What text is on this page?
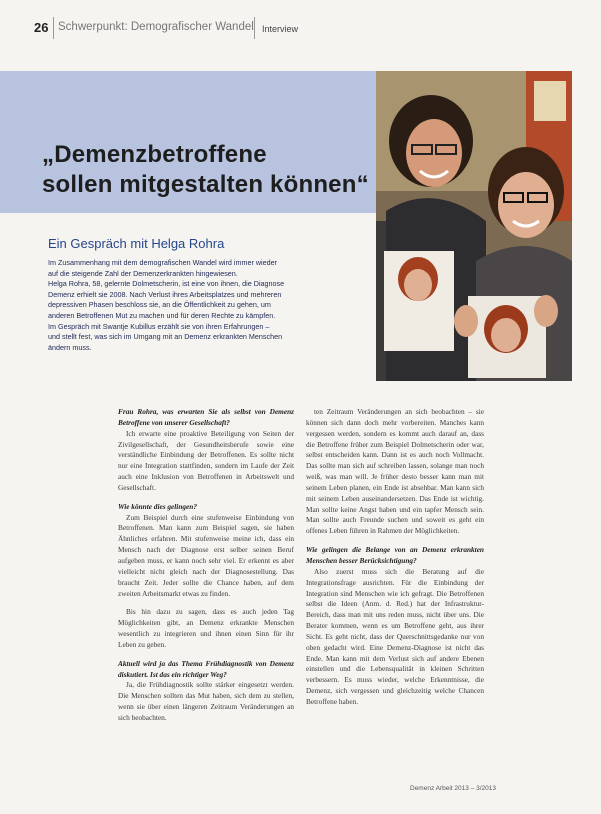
26 Schwerpunkt: Demografischer Wandel Interview
„Demenzbetroffene
sollen mitgestalten können“
Ein Gespräch mit Helga Rohra

Im Zusammenhang mit dem demografischen Wandel wird immer wieder

auf die steigende Zahl der Demenzerkrankten hingewiesen.

Helga Rohra, 58, gelernte Dolmetscherin, ist eine von ihnen, die Diagnose

Demenz erhielt sie 2008. Nach Verlust ihres Arbeitsplatzes und mehreren

depressiven Phasen beschloss sie, an die Öffentlichkeit zu gehen, um

anderen Betroffenen Mut zu machen und für deren Rechte zu kämpfen.

Im Gespräch mit Swantje Kubillus erzählt sie von ihren Erfahrungen –

und stellt fest, was sich im Umgang mit an Demenz erkrankten Menschen

ändern muss.

Frau Rohra, was erwarten Sie als selbst von Demenz Betroffene von unserer Gesellschaft?

Ich erwarte eine proaktive Beteiligung von Seiten der Zivilgesellschaft, der Gesundheitsberufe sowie eine verständliche Einbindung der Betroffenen. Es sollte nicht nur eine Integration stattfinden, sondern im Laufe der Zeit auch eine Inklusion von Betroffenen in Arbeitswelt und Gesellschaft.

Wie könnte dies gelingen?

Zum Beispiel durch eine stufenweise Einbindung von Betroffenen. Man kann zum Beispiel sagen, sie haben Ähnliches erfahren. Mit stufenweise meine ich, dass ein Mensch nach der Diagnose erst selber seinen Beruf aufgeben muss, er kann noch sehr viel. Er erkennt es aber vielleicht nicht gleich nach der Diagnosestellung. Das braucht Zeit. Jeder sollte die Chance haben, auf dem zweiten Arbeitsmarkt etwas zu finden.

Bis hin dazu zu sagen, dass es auch jeden Tag Möglichkeiten gibt, an Demenz erkrankte Menschen wesentlich zu integrieren und ihnen einen Sinn für ihr Leben zu geben.

Aktuell wird ja das Thema Frühdiagnostik von Demenz diskutiert. Ist das ein richtiger Weg?

Ja, die Frühdiagnostik sollte stärker eingesetzt werden. Die Menschen sollten das Mut haben, sich dem zu stellen, wenn sie über einen längeren Zeitraum Veränderungen an sich beobachten.

ten Zeitraum Veränderungen an sich beobachten – sie können sich dann doch mehr vorbereiten. Manches kann vergessen werden, sondern es kommt auch darauf an, dass die Betroffene früher zum Beispiel Dolmetscherin oder war, selbst entscheiden kann. Dann ist es auch noch Vollmacht. Das sollte man sich auf schreiben lassen, solange man noch weiß, was man will. Je früher desto besser kann man mit seinem Leben planen, ein Ende ist absehbar. Man kann sich mit seinem Leben auseinandersetzen. Das Ende ist wichtig. Man sollte keine Angst haben und ein tapfer Mensch sein. Man sollte auch Freunde suchen und soweit es geht ein offenes Leben führen in Rahmen der Möglichkeiten.

Wie gelingen die Belange von an Demenz erkrankten Menschen besser Berücksichtigung?

Also zuerst muss sich die Beratung auf die Integrationsfrage ausrichten. Für die Einbindung der Integration sind Menschen wie ich gefragt. Die Betroffenen selbst die Ideen (Anm. d. Red.) hat der Infrastruktur-Bereich, dass man mit uns reden muss, nicht über uns. Die Berater kommen, wenn es um Betroffene geht, aus ihrer Sicht. Es geht nicht, dass der Querschnittsgedanke nur von oben gedacht wird. Eine Demenz-Diagnose ist nicht das Ende. Man kann mit dem Verlust sich auf andere Ebenen einstellen und die Lebensqualität in kleinen Schritten verbessern. Es muss wieder, welche Erkenntnisse, die Demenz, sich vergessen und gleichzeitig welche Chancen Betroffene haben.

Demenz Arbeit 2013 – 3/2013
